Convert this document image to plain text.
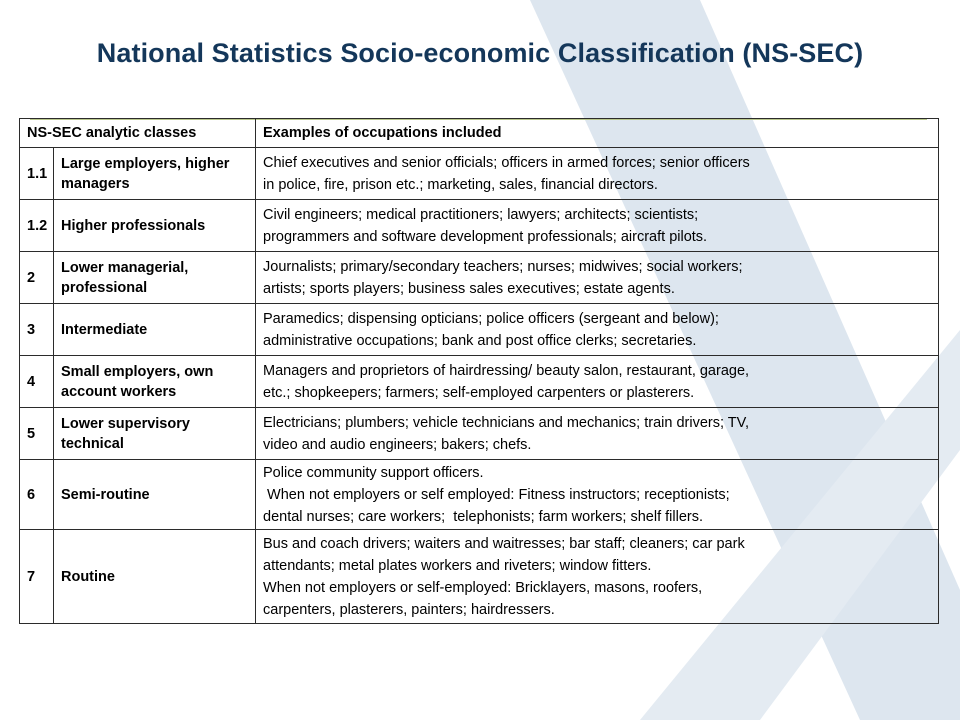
National Statistics Socio-economic Classification (NS-SEC)
NS-SEC analytic classes		Examples of occupations included
1.1	Large employers, higher managers	Chief executives and senior officials; officers in armed forces; senior officers
in police, fire, prison etc.; marketing, sales, financial directors.

1.2	Higher professionals	Civil engineers; medical practitioners; lawyers; architects; scientists;
programmers and software development professionals; aircraft pilots.

2	Lower managerial, professional	Journalists; primary/secondary teachers; nurses; midwives; social workers;
artists; sports players; business sales executives; estate agents.

3	Intermediate	Paramedics; dispensing opticians; police officers (sergeant and below);
administrative occupations; bank and post office clerks; secretaries.

4	Small employers, own account workers	Managers and proprietors of hairdressing/ beauty salon, restaurant, garage,
etc.; shopkeepers; farmers; self-employed carpenters or plasterers.

5	Lower supervisory technical	Electricians; plumbers; vehicle technicians and mechanics; train drivers; TV,
video and audio engineers; bakers; chefs.

6	Semi-routine	Police community support officers.
When not employers or self employed: Fitness instructors; receptionists;
dental nurses; care workers;  telephonists; farm workers; shelf fillers.

7	Routine	Bus and coach drivers; waiters and waitresses; bar staff; cleaners; car park
attendants; metal plates workers and riveters; window fitters.
When not employers or self-employed: Bricklayers, masons, roofers,
carpenters, plasterers, painters; hairdressers.
